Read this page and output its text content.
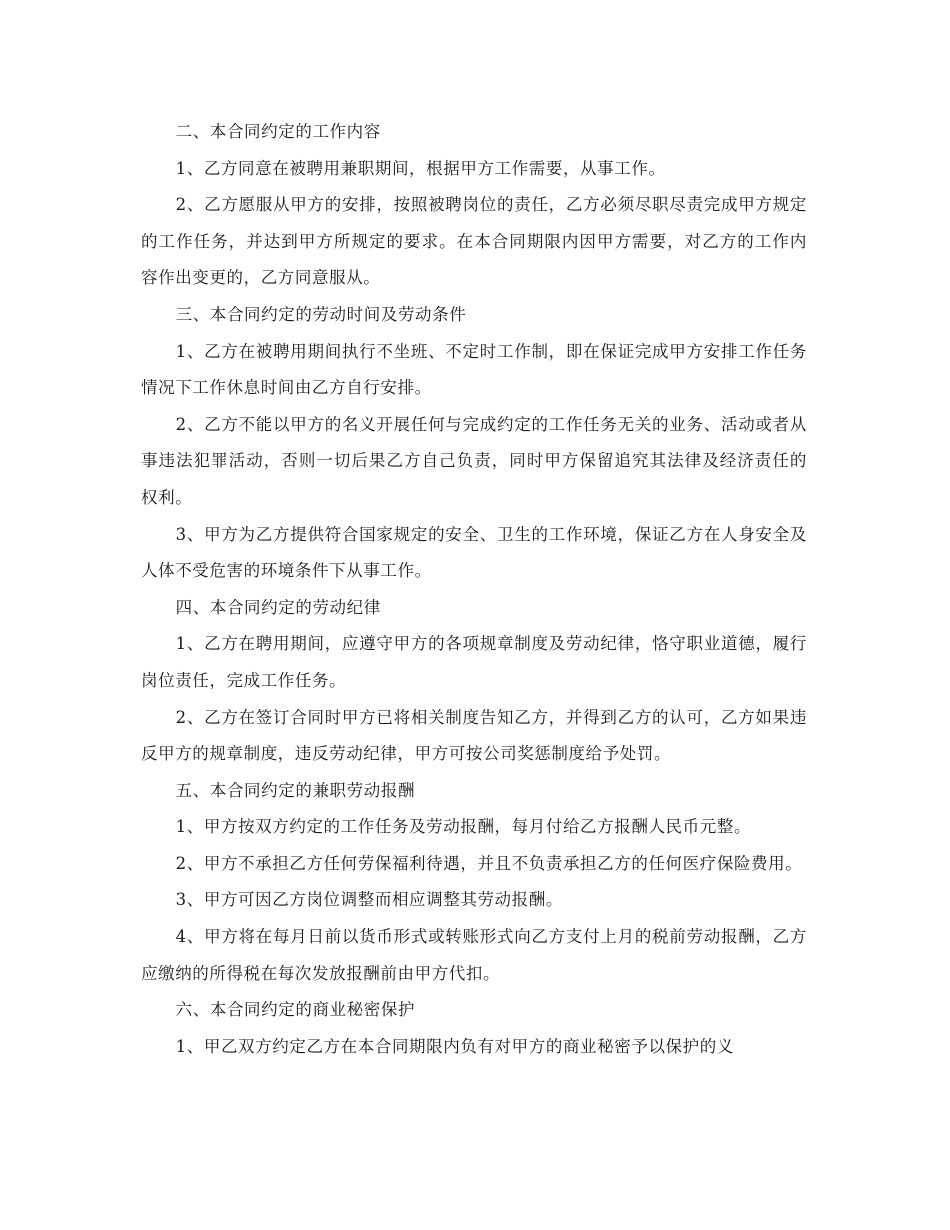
二、本合同约定的工作内容

1、乙方同意在被聘用兼职期间，根据甲方工作需要，从事工作。

2、乙方愿服从甲方的安排，按照被聘岗位的责任，乙方必须尽职尽责完成甲方规定的工作任务，并达到甲方所规定的要求。在本合同期限内因甲方需要，对乙方的工作内容作出变更的，乙方同意服从。

三、本合同约定的劳动时间及劳动条件

1、乙方在被聘用期间执行不坐班、不定时工作制，即在保证完成甲方安排工作任务情况下工作休息时间由乙方自行安排。

2、乙方不能以甲方的名义开展任何与完成约定的工作任务无关的业务、活动或者从事违法犯罪活动，否则一切后果乙方自己负责，同时甲方保留追究其法律及经济责任的权利。

3、甲方为乙方提供符合国家规定的安全、卫生的工作环境，保证乙方在人身安全及人体不受危害的环境条件下从事工作。

四、本合同约定的劳动纪律

1、乙方在聘用期间，应遵守甲方的各项规章制度及劳动纪律，恪守职业道德，履行岗位责任，完成工作任务。

2、乙方在签订合同时甲方已将相关制度告知乙方，并得到乙方的认可，乙方如果违反甲方的规章制度，违反劳动纪律，甲方可按公司奖惩制度给予处罚。

五、本合同约定的兼职劳动报酬

1、甲方按双方约定的工作任务及劳动报酬，每月付给乙方报酬人民币元整。

2、甲方不承担乙方任何劳保福利待遇，并且不负责承担乙方的任何医疗保险费用。

3、甲方可因乙方岗位调整而相应调整其劳动报酬。

4、甲方将在每月日前以货币形式或转账形式向乙方支付上月的税前劳动报酬，乙方应缴纳的所得税在每次发放报酬前由甲方代扣。

六、本合同约定的商业秘密保护

1、甲乙双方约定乙方在本合同期限内负有对甲方的商业秘密予以保护的义
